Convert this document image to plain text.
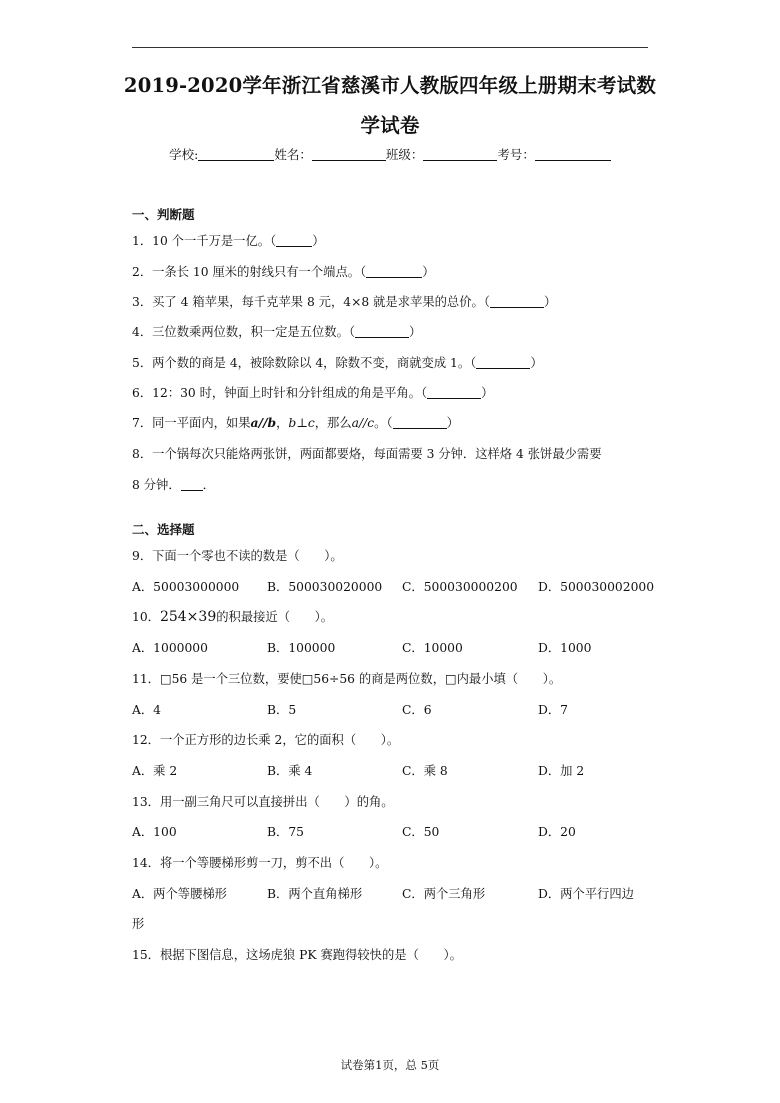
2019-2020学年浙江省慈溪市人教版四年级上册期末考试数
学试卷
学校:	姓名：	班级：	考号：
一、判断题
1．10 个一千万是一亿。（	）
2．一条长 10 厘米的射线只有一个端点。（	）
3．买了 4 箱苹果，每千克苹果 8 元，4×8 就是求苹果的总价。（	）
4．三位数乘两位数，积一定是五位数。（	）
5．两个数的商是 4，被除数除以 4，除数不变，商就变成 1。（	）
6．12：30 时，钟面上时针和分针组成的角是平角。（	）
7．同一平面内，如果a//b，b⊥c，那么a//c。（	）
8．一个锅每次只能烙两张饼，两面都要烙，每面需要 3 分钟．这样烙 4 张饼最少需要
8 分钟． ．
二、选择题
9．下面一个零也不读的数是（　　）。
A．50003000000 B．500030020000 C．500030000200 D．500030002000
10．254×39的积最接近（　　）。
A．1000000	B．100000	C．10000	D．1000
11．□56 是一个三位数，要使□56÷56 的商是两位数，□内最小填（　　）。
A．4	B．5	C．6	D．7
12．一个正方形的边长乘 2，它的面积（　　）。
A．乘 2	B．乘 4	C．乘 8	D．加 2
13．用一副三角尺可以直接拼出（　　）的角。
A．100	B．75	C．50	D．20
14．将一个等腰梯形剪一刀，剪不出（　　）。
A．两个等腰梯形	B．两个直角梯形	C．两个三角形	D．两个平行四边
形
15．根据下图信息，这场虎狼 PK 赛跑得较快的是（　　）。
试卷第1页，总 5页
